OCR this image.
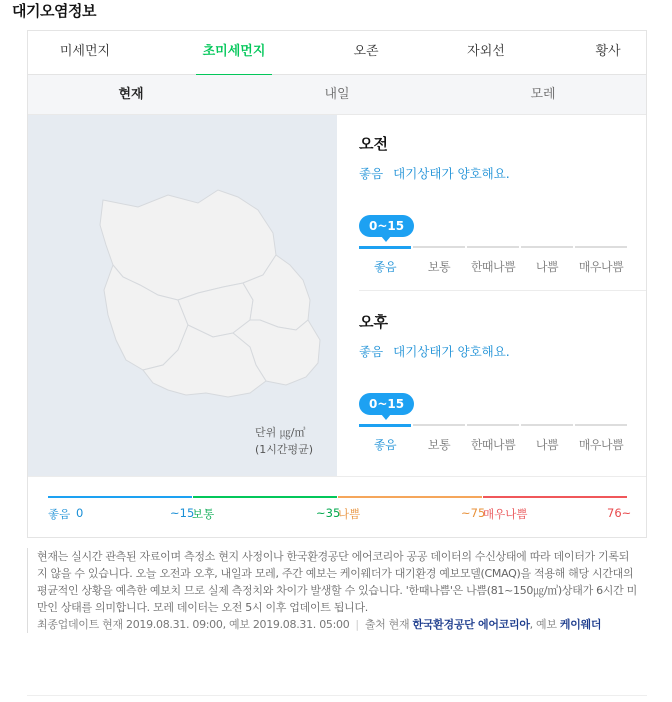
대기오염정보
미세먼지	초미세먼지	오존	자외선	황사
현재	내일	모레
단위 ㎍/㎥
(1시간평균)
오전
좋음 대기상태가 양호해요.
0~15
좋음	보통	한때나쁨	나쁨	매우나쁨
오후
좋음 대기상태가 양호해요.
0~15
좋음	보통	한때나쁨	나쁨	매우나쁨
좋음 0	~15
보통	~35
나쁨	~75
매우나쁨	76~
현재는 실시간 관측된 자료이며 측정소 현지 사정이나 한국환경공단 에어코리아 공공 데이터의 수신상태에 따라 데이터가 기록되지 않을 수 있습니다. 오늘 오전과 오후, 내일과 모레, 주간 예보는 케이웨더가 대기환경 예보모델(CMAQ)을 적용해 해당 시간대의 평균적인 상황을 예측한 예보치 므로 실제 측정치와 차이가 발생할 수 있습니다. '한때나쁨'은 나쁨(81~150㎍/㎥)상태가 6시간 미만인 상태를 의미합니다. 모레 데이터는 오전 5시 이후 업데이트 됩니다.
최종업데이트 현재 2019.08.31. 09:00, 예보 2019.08.31. 05:00 | 출처 현재 한국환경공단 에어코리아, 예보 케이웨더
